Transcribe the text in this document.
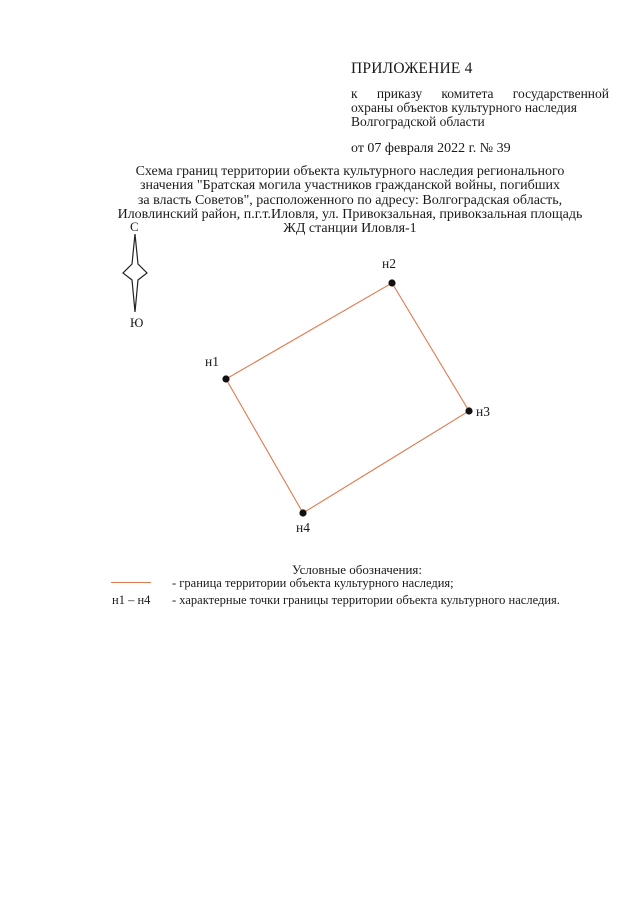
ПРИЛОЖЕНИЕ 4
к приказу комитета государственной
охраны объектов культурного наследия
Волгоградской области
от 07 февраля 2022 г. № 39
Схема границ территории объекта культурного наследия регионального
значения "Братская могила участников гражданской войны, погибших
за власть Советов", расположенного по адресу: Волгоградская область,
Иловлинский район, п.г.т.Иловля, ул. Привокзальная, привокзальная площадь
ЖД станции Иловля-1
С
Ю
н1
н2
н3
н4
Условные обозначения:
- граница территории объекта культурного наследия;
н1 – н4 - характерные точки границы территории объекта культурного наследия.
